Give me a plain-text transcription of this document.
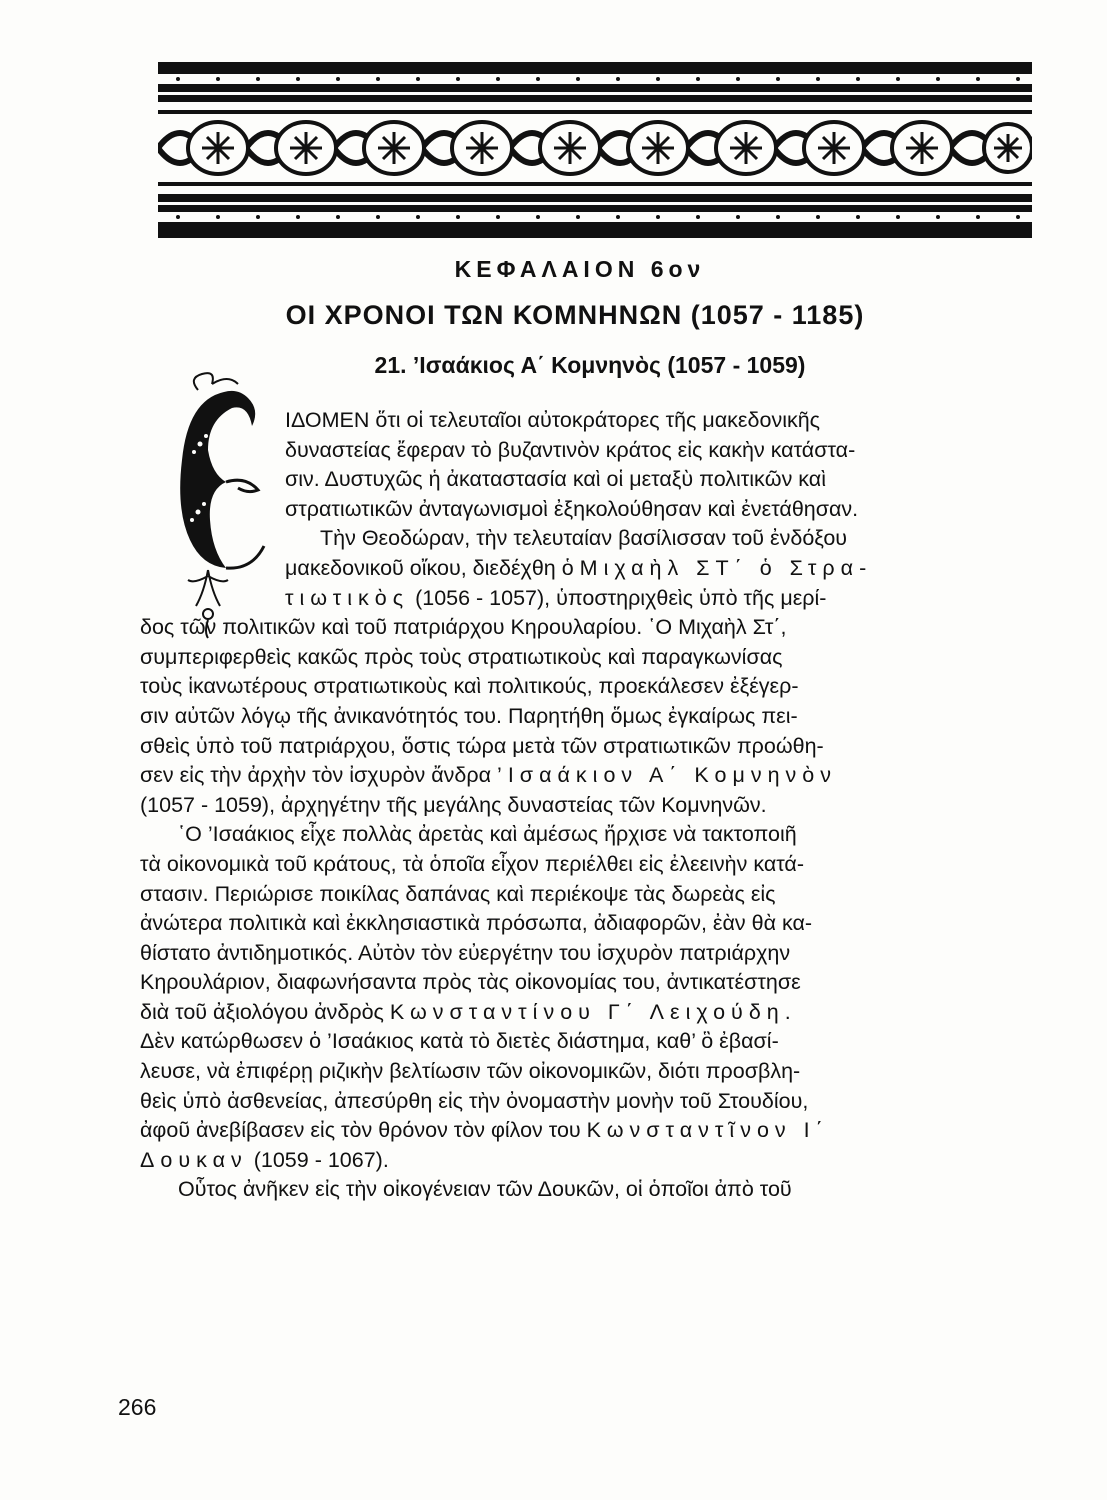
ΚΕΦΑΛΑΙΟΝ 6ον
ΟΙ ΧΡΟΝΟΙ ΤΩΝ ΚΟΜΝΗΝΩΝ (1057 - 1185)
21. ’Ισαάκιος Α΄ Κομνηνὸς (1057 - 1059)
Ε
ΙΔΟΜΕΝ ὅτι οἱ τελευταῖοι αὐτοκράτορες τῆς μακεδονικῆς
δυναστείας ἔφεραν τὸ βυζαντινὸν κράτος εἰς κακὴν κατάστα-
σιν. Δυστυχῶς ἡ ἀκαταστασία καὶ οἱ μεταξὺ πολιτικῶν καὶ
στρατιωτικῶν ἀνταγωνισμοὶ ἐξηκολούθησαν καὶ ἐνετάθησαν.
Τὴν Θεοδώραν, τὴν τελευταίαν βασίλισσαν τοῦ ἐνδόξου
μακεδονικοῦ οἴκου, διεδέχθη ὁ Μιχαὴλ ΣΤ΄ ὁ Στρα-
τιωτικὸς (1056 - 1057), ὑποστηριχθεὶς ὑπὸ τῆς μερί-
δος τῶν πολιτικῶν καὶ τοῦ πατριάρχου Κηρουλαρίου. ῾Ο Μιχαὴλ Στ΄,
συμπεριφερθεὶς κακῶς πρὸς τοὺς στρατιωτικοὺς καὶ παραγκωνίσας
τοὺς ἱκανωτέρους στρατιωτικοὺς καὶ πολιτικούς, προεκάλεσεν ἐξέγερ-
σιν αὐτῶν λόγῳ τῆς ἀνικανότητός του. Παρητήθη ὅμως ἐγκαίρως πει-
σθεὶς ὑπὸ τοῦ πατριάρχου, ὅστις τώρα μετὰ τῶν στρατιωτικῶν προώθη-
σεν εἰς τὴν ἀρχὴν τὸν ἰσχυρὸν ἄνδρα ’Ισαάκιον Α΄ Κομνηνὸν
(1057 - 1059), ἀρχηγέτην τῆς μεγάλης δυναστείας τῶν Κομνηνῶν.
῾Ο ’Ισαάκιος εἶχε πολλὰς ἀρετὰς καὶ ἀμέσως ἤρχισε νὰ τακτοποιῆ
τὰ οἰκονομικὰ τοῦ κράτους, τὰ ὁποῖα εἶχον περιέλθει εἰς ἐλεεινὴν κατά-
στασιν. Περιώρισε ποικίλας δαπάνας καὶ περιέκοψε τὰς δωρεὰς εἰς
ἀνώτερα πολιτικὰ καὶ ἐκκλησιαστικὰ πρόσωπα, ἀδιαφορῶν, ἐὰν θὰ κα-
θίστατο ἀντιδημοτικός. Αὐτὸν τὸν εὐεργέτην του ἰσχυρὸν πατριάρχην
Κηρουλάριον, διαφωνήσαντα πρὸς τὰς οἰκονομίας του, ἀντικατέστησε
διὰ τοῦ ἀξιολόγου ἀνδρὸς Κωνσταντίνου Γ΄ Λειχούδη.
Δὲν κατώρθωσεν ὁ ’Ισαάκιος κατὰ τὸ διετὲς διάστημα, καθ’ ὃ ἐβασί-
λευσε, νὰ ἐπιφέρῃ ριζικὴν βελτίωσιν τῶν οἰκονομικῶν, διότι προσβλη-
θεὶς ὑπὸ ἀσθενείας, ἀπεσύρθη εἰς τὴν ὀνομαστὴν μονὴν τοῦ Στουδίου,
ἀφοῦ ἀνεβίβασεν εἰς τὸν θρόνον τὸν φίλον του Κωνσταντῖνον Ι΄
Δουκαν (1059 - 1067).
Οὗτος ἀνῆκεν εἰς τὴν οἰκογένειαν τῶν Δουκῶν, οἱ ὁποῖοι ἀπὸ τοῦ
266
